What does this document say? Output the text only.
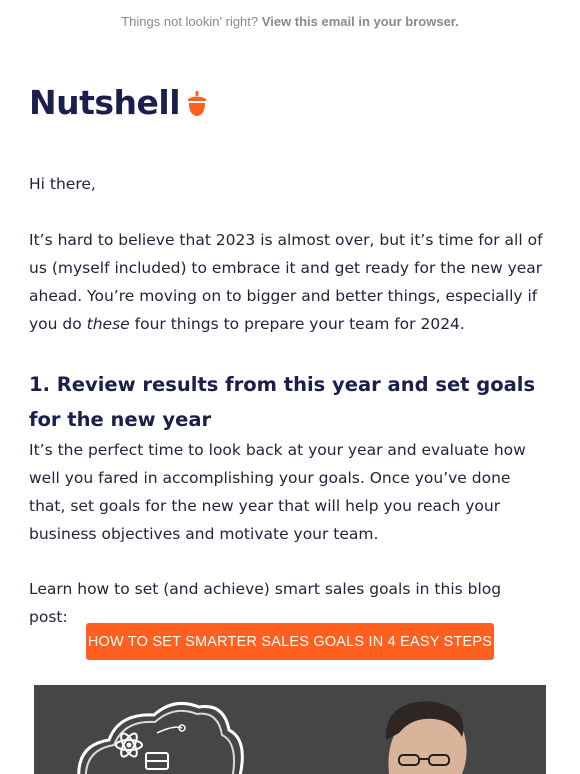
Things not lookin' right? View this email in your browser.
Nutshell

Hi there,

It’s hard to believe that 2023 is almost over, but it’s time for all of us (myself included) to embrace it and get ready for the new year ahead. You’re moving on to bigger and better things, especially if you do these four things to prepare your team for 2024.

1. Review results from this year and set goals for the new year

It’s the perfect time to look back at your year and evaluate how well you fared in accomplishing your goals. Once you’ve done that, set goals for the new year that will help you reach your business objectives and motivate your team.

Learn how to set (and achieve) smart sales goals in this blog post:

HOW TO SET SMARTER SALES GOALS IN 4 EASY STEPS
